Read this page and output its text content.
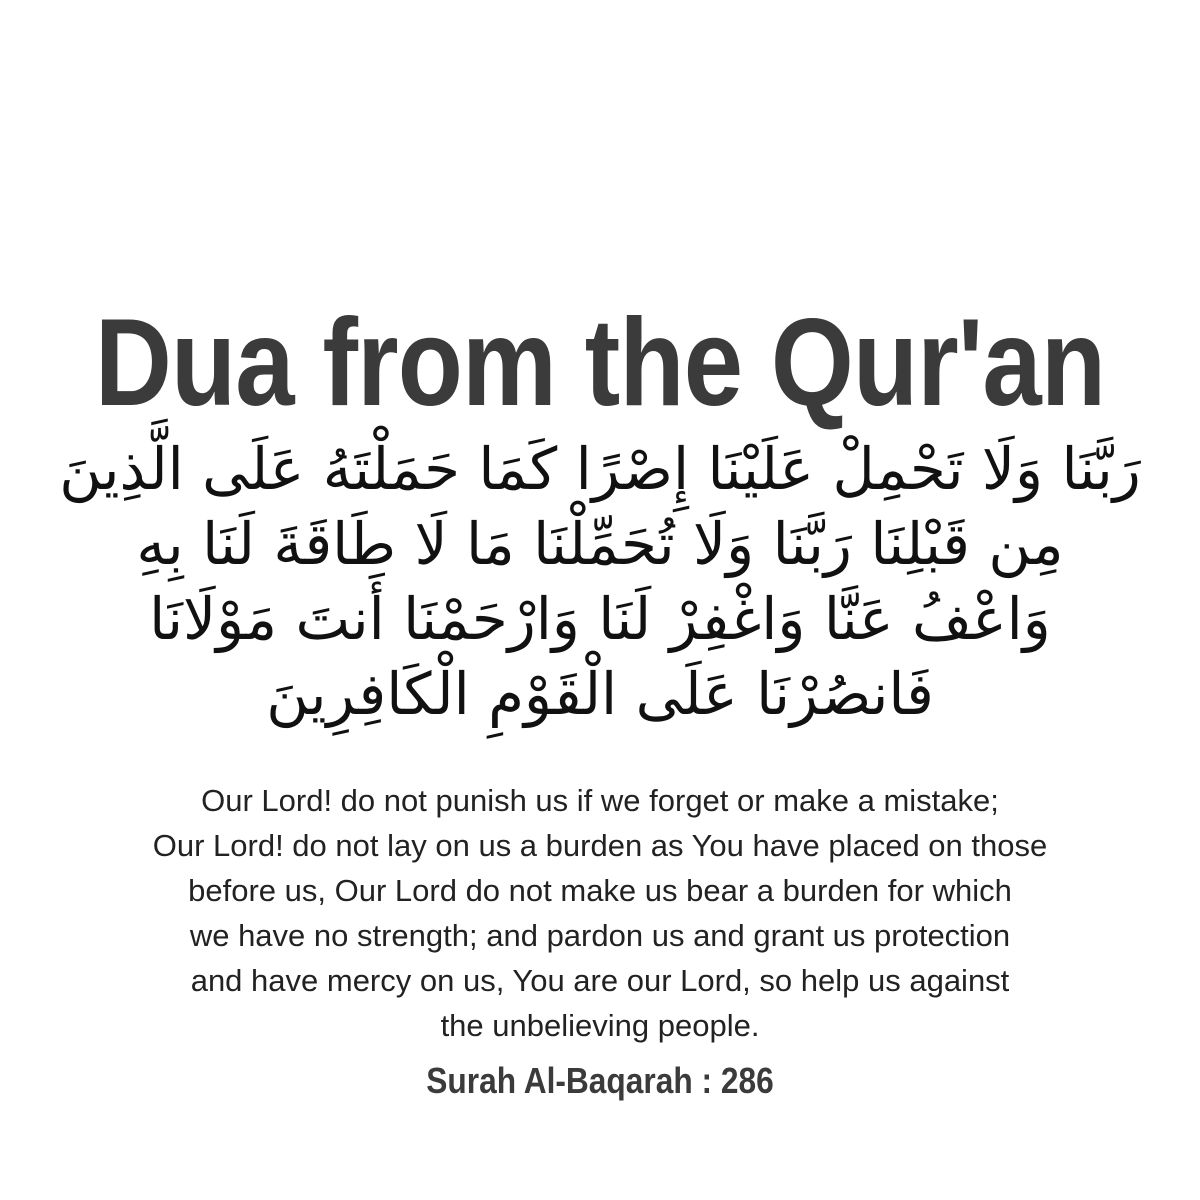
Dua from the Qur'an
رَبَّنَا وَلَا تَحْمِلْ عَلَيْنَا إِصْرًا كَمَا حَمَلْتَهُ عَلَى الَّذِينَ
مِن قَبْلِنَا رَبَّنَا وَلَا تُحَمِّلْنَا مَا لَا طَاقَةَ لَنَا بِهِ
وَاعْفُ عَنَّا وَاغْفِرْ لَنَا وَارْحَمْنَا أَنتَ مَوْلَانَا
فَانصُرْنَا عَلَى الْقَوْمِ الْكَافِرِينَ
Our Lord! do not punish us if we forget or make a mistake;
Our Lord! do not lay on us a burden as You have placed on those
before us, Our Lord do not make us bear a burden for which
we have no strength; and pardon us and grant us protection
and have mercy on us, You are our Lord, so help us against
the unbelieving people.
Surah Al-Baqarah : 286
